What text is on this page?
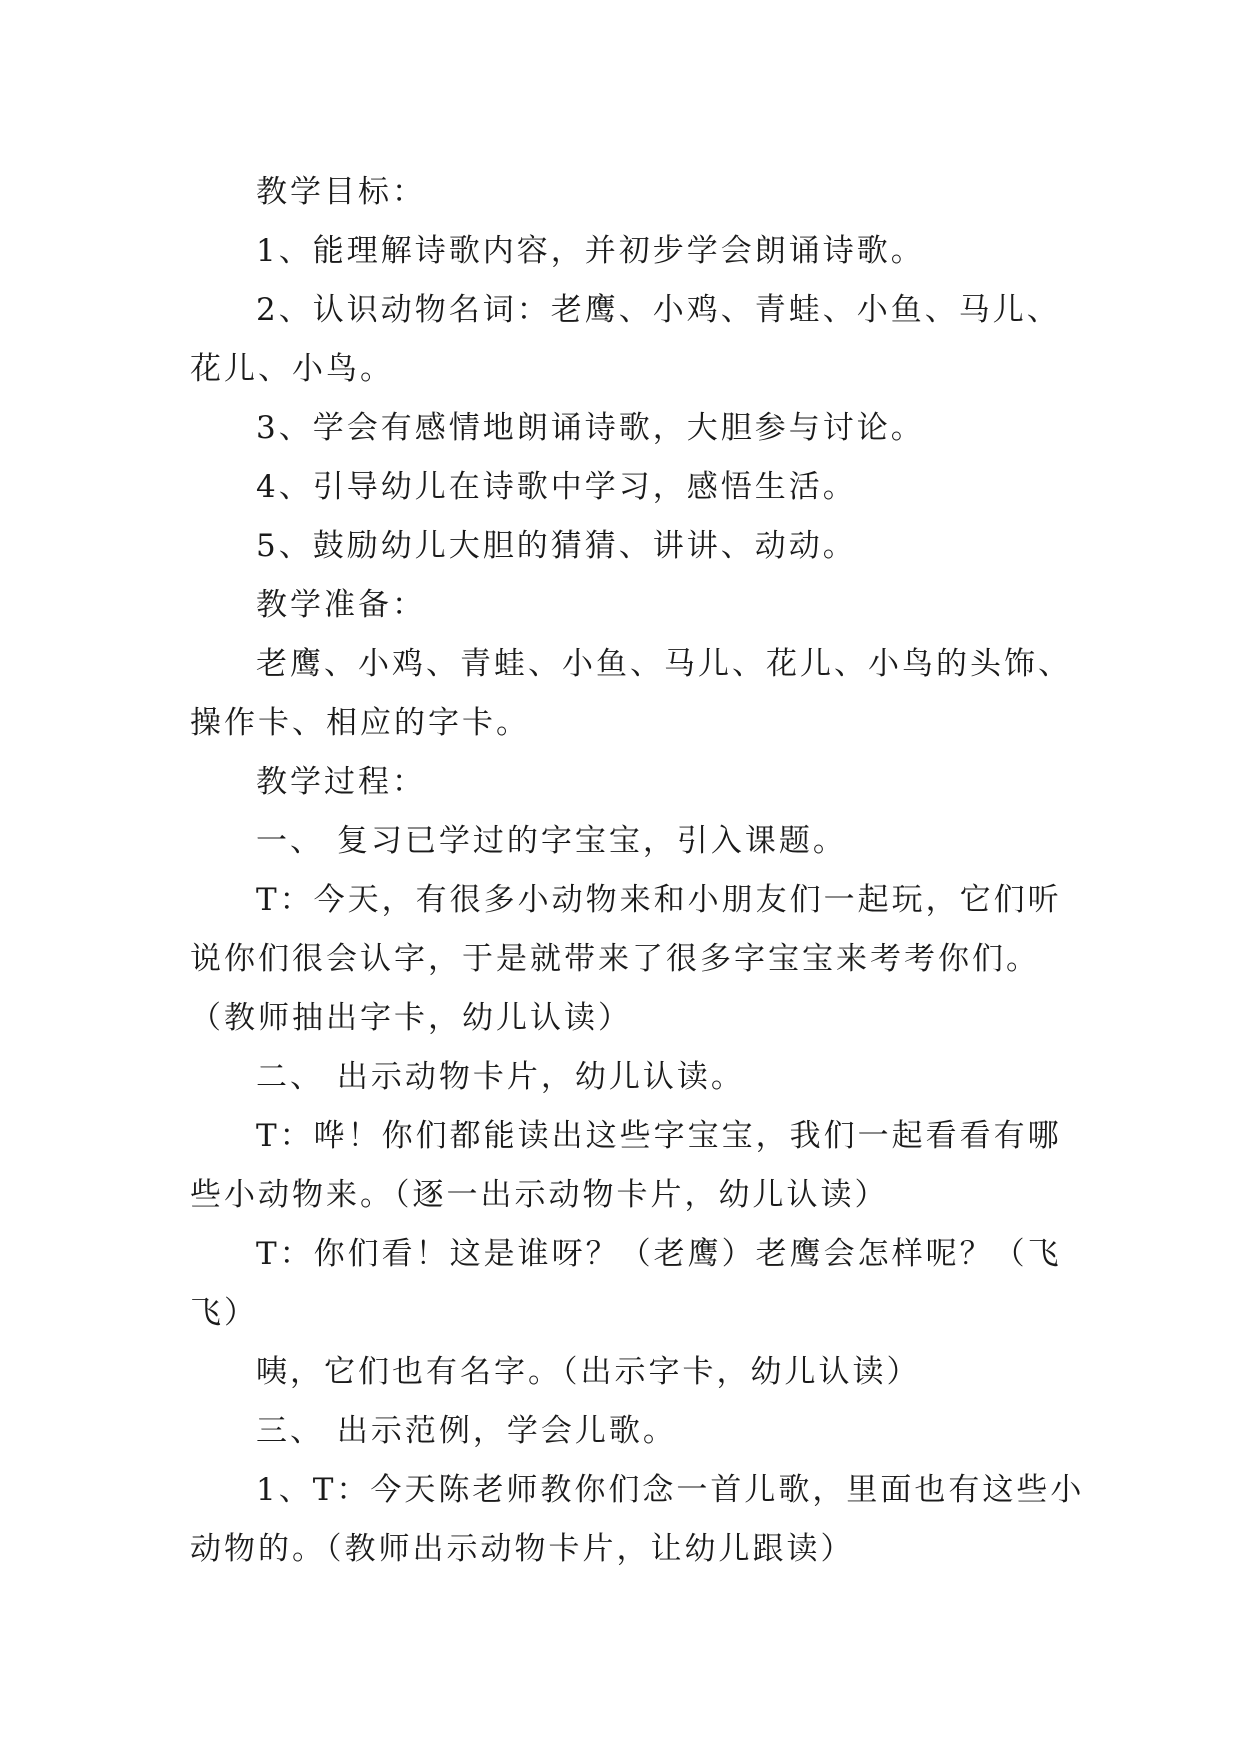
教学目标：
1、能理解诗歌内容，并初步学会朗诵诗歌。
2、认识动物名词：老鹰、小鸡、青蛙、小鱼、马儿、
花儿、小鸟。
3、学会有感情地朗诵诗歌，大胆参与讨论。
4、引导幼儿在诗歌中学习，感悟生活。
5、鼓励幼儿大胆的猜猜、讲讲、动动。
教学准备：
老鹰、小鸡、青蛙、小鱼、马儿、花儿、小鸟的头饰、
操作卡、相应的字卡。
教学过程：
一、 复习已学过的字宝宝，引入课题。
T：今天，有很多小动物来和小朋友们一起玩，它们听
说你们很会认字，于是就带来了很多字宝宝来考考你们。
（教师抽出字卡，幼儿认读）
二、 出示动物卡片，幼儿认读。
T：哗！你们都能读出这些字宝宝，我们一起看看有哪
些小动物来。（逐一出示动物卡片，幼儿认读）
T：你们看！这是谁呀？（老鹰）老鹰会怎样呢？（飞
飞）
咦，它们也有名字。（出示字卡，幼儿认读）
三、 出示范例，学会儿歌。
1、T：今天陈老师教你们念一首儿歌，里面也有这些小
动物的。（教师出示动物卡片，让幼儿跟读）
